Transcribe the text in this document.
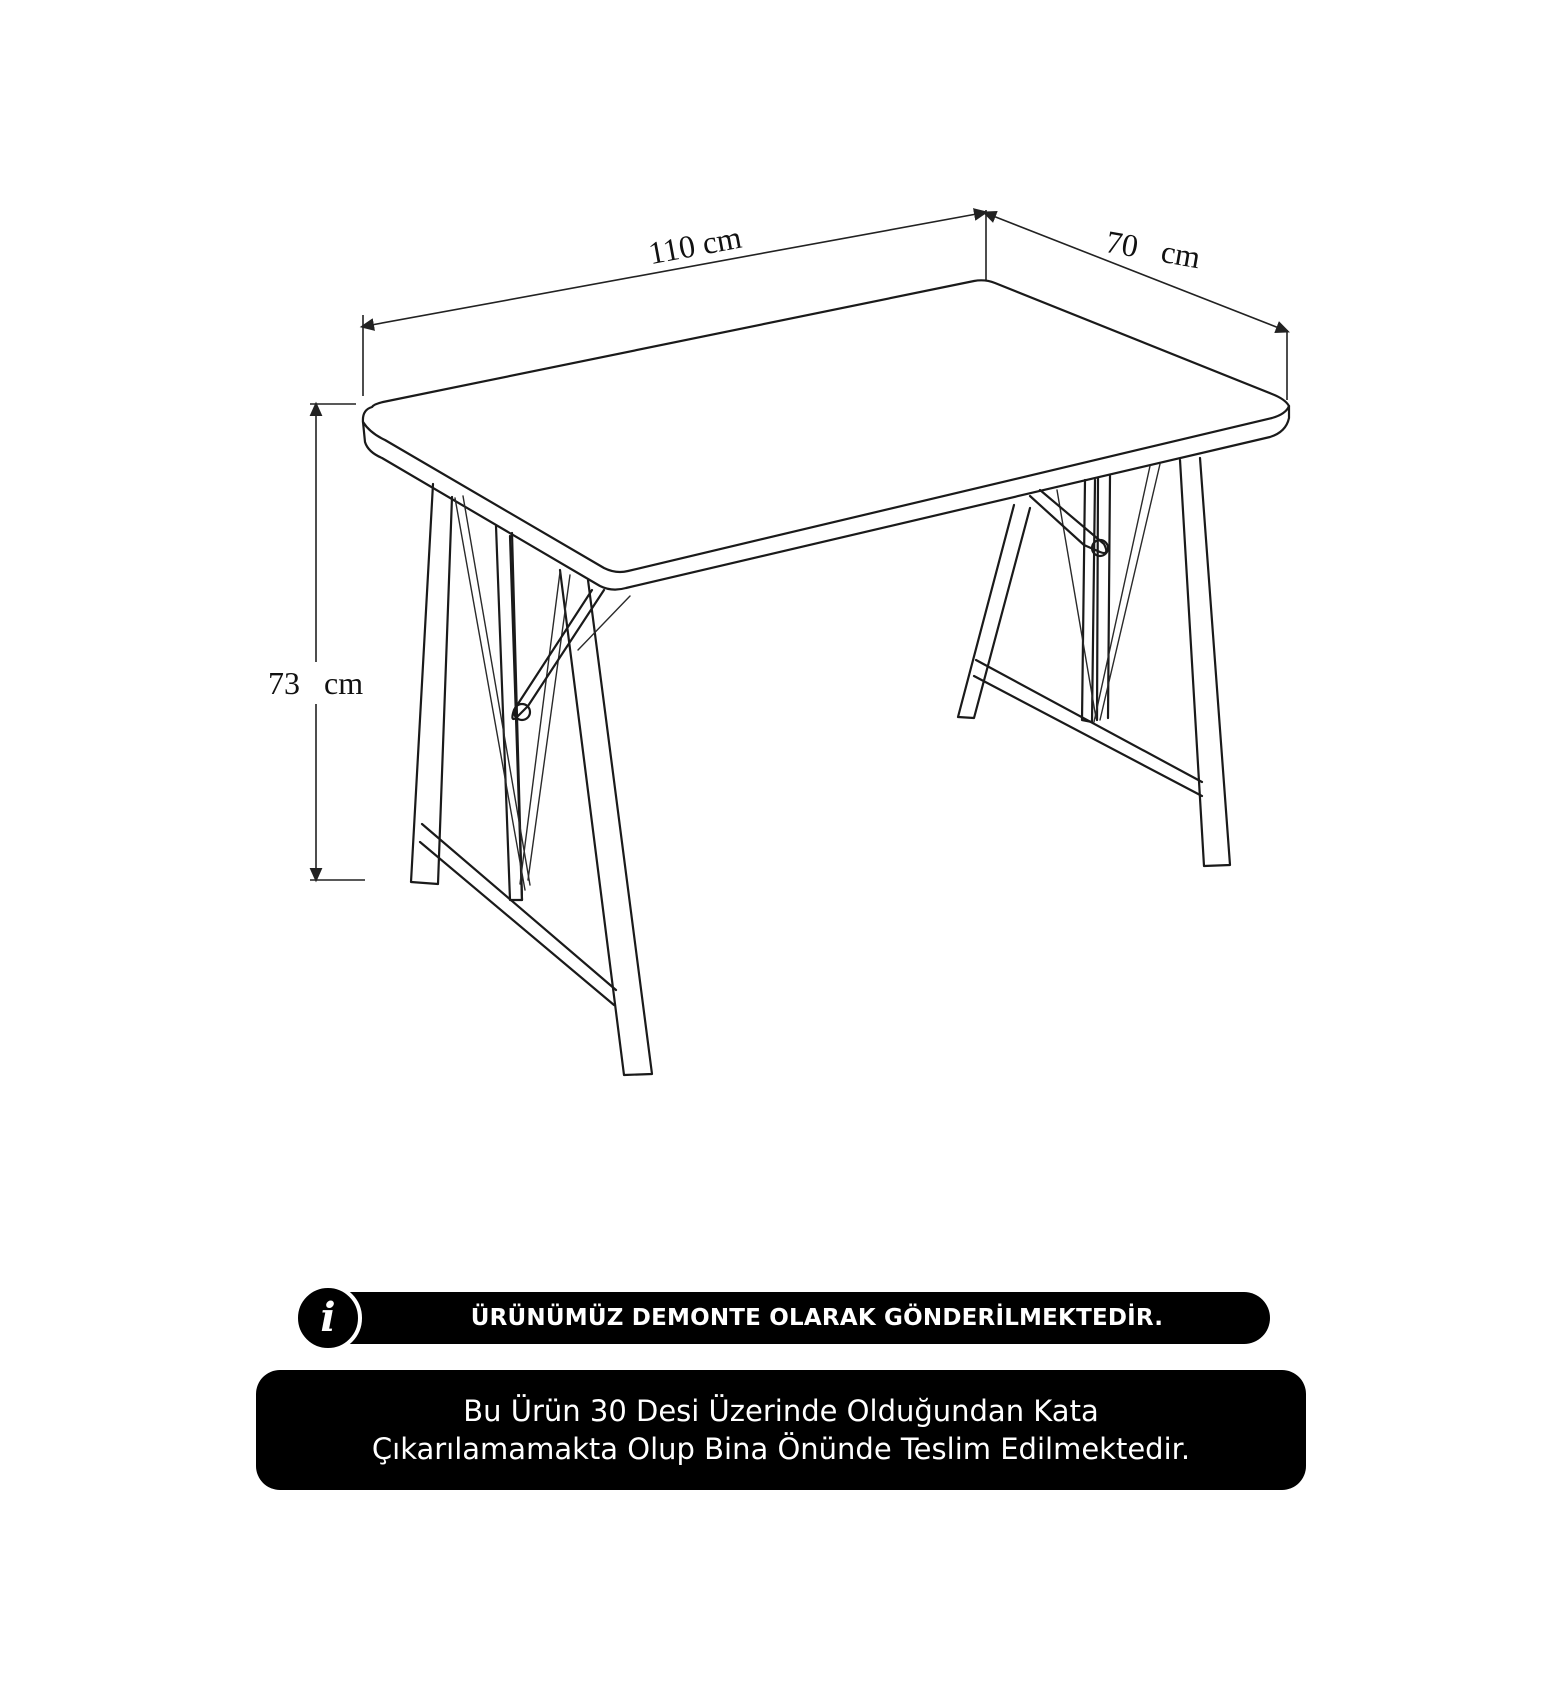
110 cm	70   cm
73   cm
ÜRÜNÜMÜZ DEMONTE OLARAK GÖNDERİLMEKTEDİR.
i
Bu Ürün 30 Desi Üzerinde Olduğundan Kata
Çıkarılamamakta Olup Bina Önünde Teslim Edilmektedir.
